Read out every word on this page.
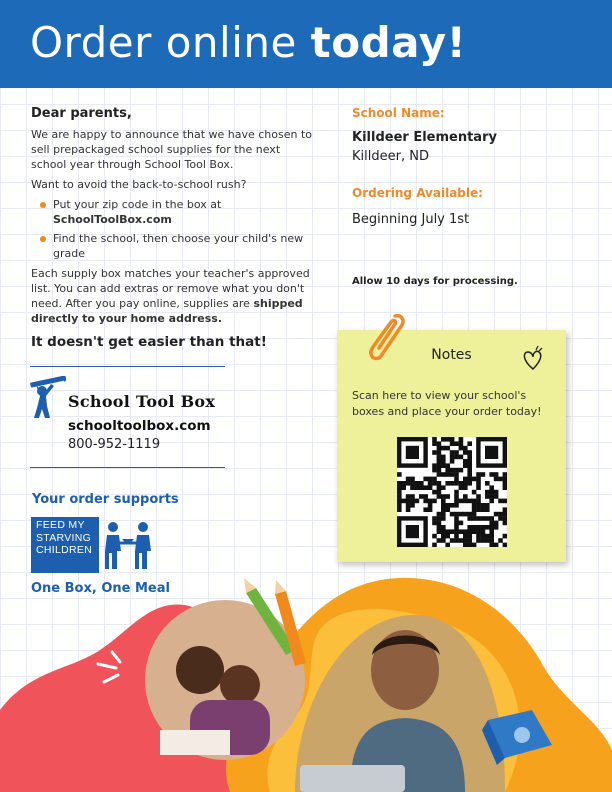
Order online today!
Dear parents,

We are happy to announce that we have chosen to sell prepackaged school supplies for the next school year through School Tool Box.

Want to avoid the back-to-school rush?

Put your zip code in the box at
SchoolToolBox.com
Find the school, then choose your child's new grade

Each supply box matches your teacher's approved list. You can add extras or remove what you don't need. After you pay online, supplies are shipped directly to your home address.

It doesn't get easier than that!
School Tool Box
schooltoolbox.com
800-952-1119
Your order supports
FEED MY
STARVING
CHILDREN
One Box, One Meal
School Name:
Killdeer Elementary
Killdeer, ND
Ordering Available:
Beginning July 1st
Allow 10 days for processing.
Notes
Scan here to view your school's boxes and place your order today!
